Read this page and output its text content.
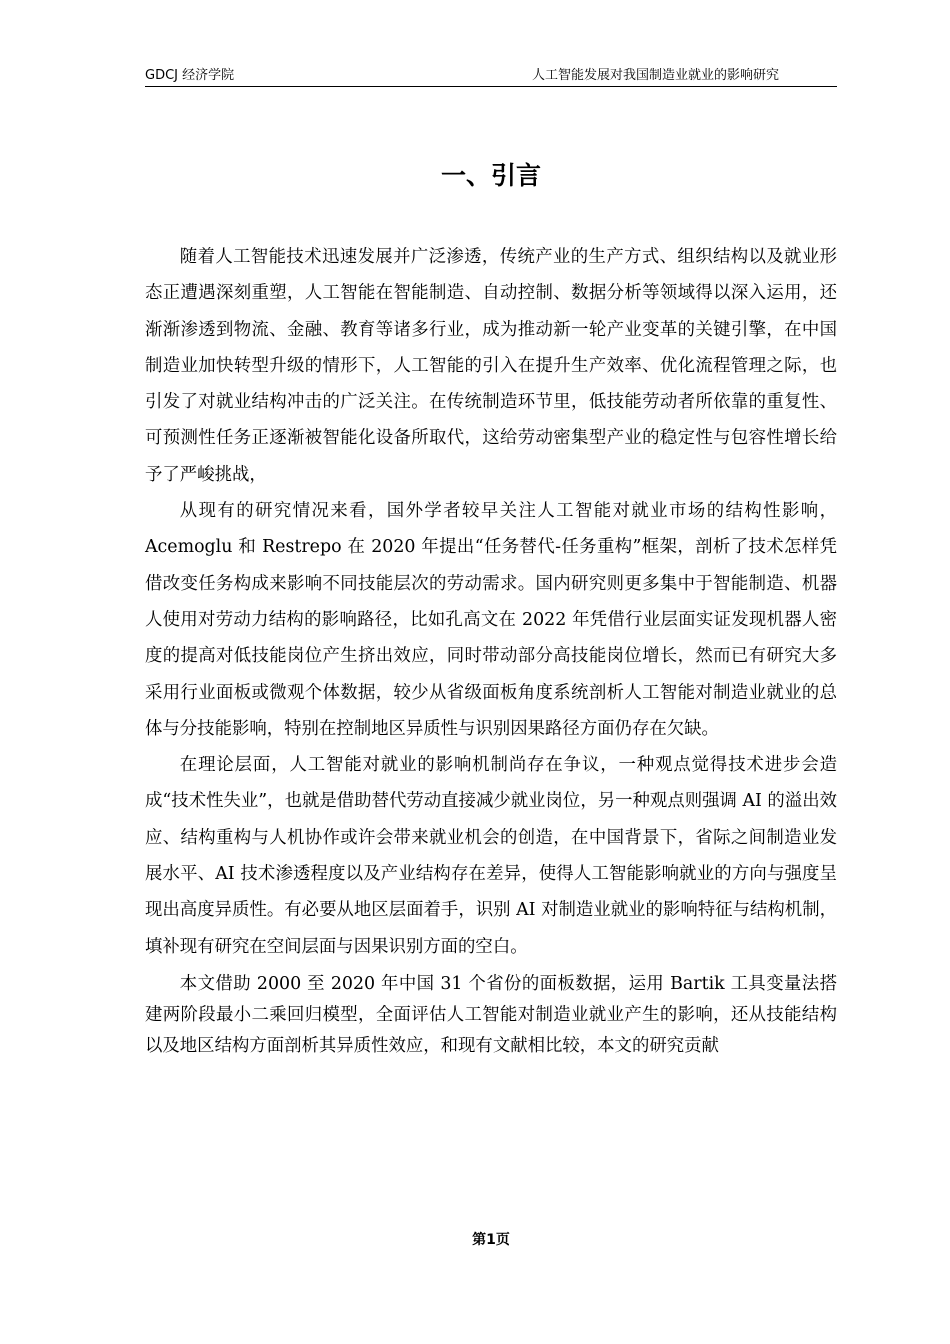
GDCJ 经济学院	人工智能发展对我国制造业就业的影响研究
一、引言

随着人工智能技术迅速发展并广泛渗透，传统产业的生产方式、组织结构以及就业形态正遭遇深刻重塑，人工智能在智能制造、自动控制、数据分析等领域得以深入运用，还渐渐渗透到物流、金融、教育等诸多行业，成为推动新一轮产业变革的关键引擎，在中国制造业加快转型升级的情形下，人工智能的引入在提升生产效率、优化流程管理之际，也引发了对就业结构冲击的广泛关注。在传统制造环节里，低技能劳动者所依靠的重复性、可预测性任务正逐渐被智能化设备所取代，这给劳动密集型产业的稳定性与包容性增长给予了严峻挑战，

从现有的研究情况来看，国外学者较早关注人工智能对就业市场的结构性影响，Acemoglu 和 Restrepo 在 2020 年提出“任务替代-任务重构”框架，剖析了技术怎样凭借改变任务构成来影响不同技能层次的劳动需求。国内研究则更多集中于智能制造、机器人使用对劳动力结构的影响路径，比如孔高文在 2022 年凭借行业层面实证发现机器人密度的提高对低技能岗位产生挤出效应，同时带动部分高技能岗位增长，然而已有研究大多采用行业面板或微观个体数据，较少从省级面板角度系统剖析人工智能对制造业就业的总体与分技能影响，特别在控制地区异质性与识别因果路径方面仍存在欠缺。

在理论层面，人工智能对就业的影响机制尚存在争议，一种观点觉得技术进步会造成“技术性失业”，也就是借助替代劳动直接减少就业岗位，另一种观点则强调 AI 的溢出效应、结构重构与人机协作或许会带来就业机会的创造，在中国背景下，省际之间制造业发展水平、AI 技术渗透程度以及产业结构存在差异，使得人工智能影响就业的方向与强度呈现出高度异质性。有必要从地区层面着手，识别 AI 对制造业就业的影响特征与结构机制，填补现有研究在空间层面与因果识别方面的空白。

本文借助 2000 至 2020 年中国 31 个省份的面板数据，运用 Bartik 工具变量法搭建两阶段最小二乘回归模型，全面评估人工智能对制造业就业产生的影响，还从技能结构以及地区结构方面剖析其异质性效应，和现有文献相比较，本文的研究贡献

第1页
